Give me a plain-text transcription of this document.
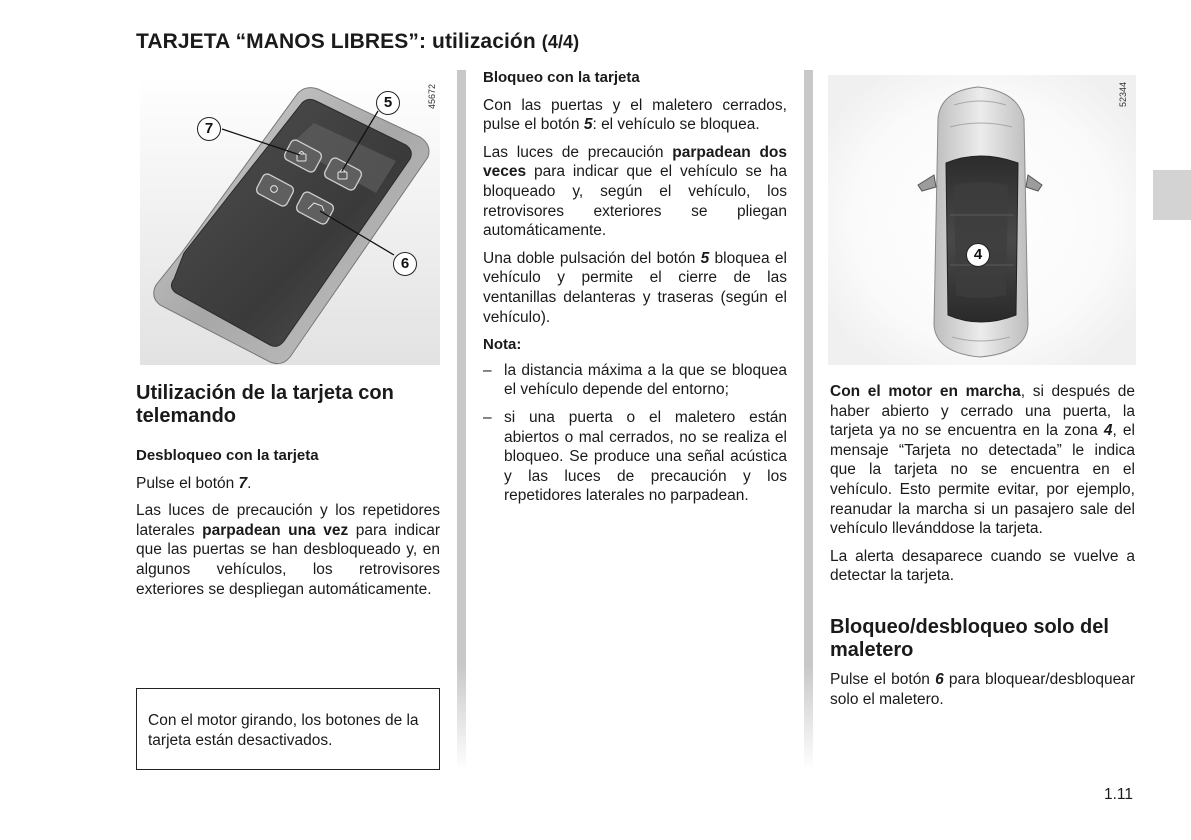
TARJETA “MANOS LIBRES”: utilización (4/4)
45672
7
5
6
52344
4
Utilización de la tarjeta con telemando
Desbloqueo con la tarjeta

Pulse el botón 7.

Las luces de precaución y los repetidores laterales parpadean una vez para indicar que las puertas se han desbloqueado y, en algunos vehículos, los retrovisores exteriores se despliegan automáticamente.

Con el motor girando, los botones de la tarjeta están desactivados.
Bloqueo con la tarjeta

Con las puertas y el maletero cerrados, pulse el botón 5: el vehículo se bloquea.

Las luces de precaución parpadean dos veces para indicar que el vehículo se ha bloqueado y, según el vehículo, los retrovisores exteriores se pliegan automáticamente.

Una doble pulsación del botón 5 bloquea el vehículo y permite el cierre de las ventanillas delanteras y traseras (según el vehículo).

Nota:
– la distancia máxima a la que se bloquea el vehículo depende del entorno;
– si una puerta o el maletero están abiertos o mal cerrados, no se realiza el bloqueo. Se produce una señal acústica y las luces de precaución y los repetidores laterales no parpadean.

Con el motor en marcha, si después de haber abierto y cerrado una puerta, la tarjeta ya no se encuentra en la zona 4, el mensaje “Tarjeta no detectada” le indica que la tarjeta no se encuentra en el vehículo. Esto permite evitar, por ejemplo, reanudar la marcha si un pasajero sale del vehículo llevánddose la tarjeta.

La alerta desaparece cuando se vuelve a detectar la tarjeta.

Bloqueo/desbloqueo solo del maletero

Pulse el botón 6 para bloquear/desbloquear solo el maletero.

1.11
